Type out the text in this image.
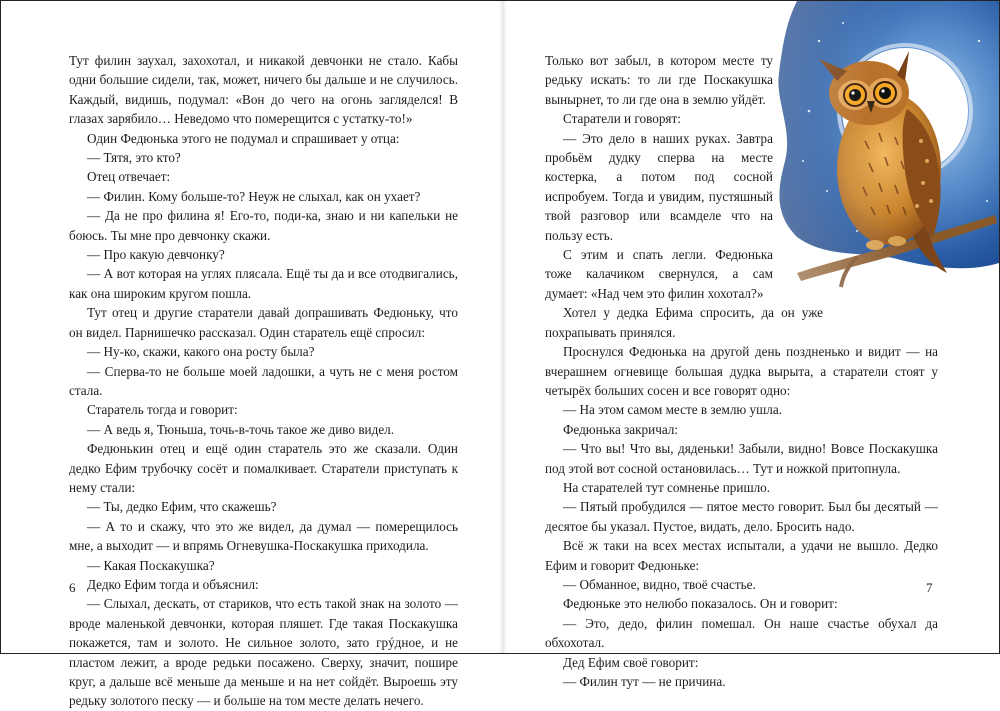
Тут филин заухал, захохотал, и никакой девчонки не стало. Кабы одни большие сидели, так, может, ничего бы дальше и не случилось. Каждый, видишь, подумал: «Вон до чего на огонь загляделся! В глазах зарябило… Неведомо что померещится с устатку-то!»

Один Федюнька этого не подумал и спрашивает у отца:

— Тятя, это кто?

Отец отвечает:

— Филин. Кому больше-то? Неуж не слыхал, как он ухает?

— Да не про филина я! Его-то, поди-ка, знаю и ни капельки не боюсь. Ты мне про девчонку скажи.

— Про какую девчонку?

— А вот которая на углях плясала. Ещё ты да и все отодвигались, как она широким кругом пошла.

Тут отец и другие старатели давай допрашивать Федюньку, что он видел. Парнишечко рассказал. Один старатель ещё спросил:

— Ну-ко, скажи, какого она росту была?

— Сперва-то не больше моей ладошки, а чуть не с меня ростом стала.

Старатель тогда и говорит:

— А ведь я, Тюньша, точь-в-точь такое же диво видел.

Федюнькин отец и ещё один старатель это же сказали. Один дедко Ефим трубочку сосёт и помалкивает. Старатели приступать к нему стали:

— Ты, дедко Ефим, что скажешь?

— А то и скажу, что это же видел, да думал — померещилось мне, а выходит — и впрямь Огневушка-Поскакушка приходила.

— Какая Поскакушка?

Дедко Ефим тогда и объяснил:

— Слыхал, дескать, от стариков, что есть такой знак на золото — вроде маленькой девчонки, которая пляшет. Где такая Поскакушка покажется, там и золото. Не сильное золото, зато грýдное, и не пластом лежит, а вроде редьки посажено. Сверху, значит, пошире круг, а дальше всё меньше да меньше и на нет сойдёт. Выроешь эту редьку золотого песку — и больше на том месте делать нечего.

6

Только вот забыл, в котором месте ту редьку искать: то ли где Поскакушка вынырнет, то ли где она в землю уйдёт.

Старатели и говорят:

— Это дело в наших руках. Завтра пробьём дудку сперва на месте костерка, а потом под сосной испробуем. Тогда и увидим, пустяшный твой разговор или всамделе что на пользу есть.

С этим и спать легли. Федюнька тоже калачиком свернулся, а сам думает: «Над чем это филин хохотал?»

Хотел у дедка Ефима спросить, да он уже похрапывать принялся.

Проснулся Федюнька на другой день поздненько и видит — на вчерашнем огневище большая дудка вырыта, а старатели стоят у четырёх больших сосен и все говорят одно:

— На этом самом месте в землю ушла.

Федюнька закричал:

— Что вы! Что вы, дяденьки! Забыли, видно! Вовсе Поскакушка под этой вот сосной остановилась… Тут и ножкой притопнула.

На старателей тут сомненье пришло.

— Пятый пробудился — пятое место говорит. Был бы десятый — десятое бы указал. Пустое, видать, дело. Бросить надо.

Всё ж таки на всех местах испытали, а удачи не вышло. Дедко Ефим и говорит Федюньке:

— Обманное, видно, твоё счастье.

Федюньке это нелюбо показалось. Он и говорит:

— Это, дедо, филин помешал. Он наше счастье обухал да обхохотал.

Дед Ефим своё говорит:

— Филин тут — не причина.

7
